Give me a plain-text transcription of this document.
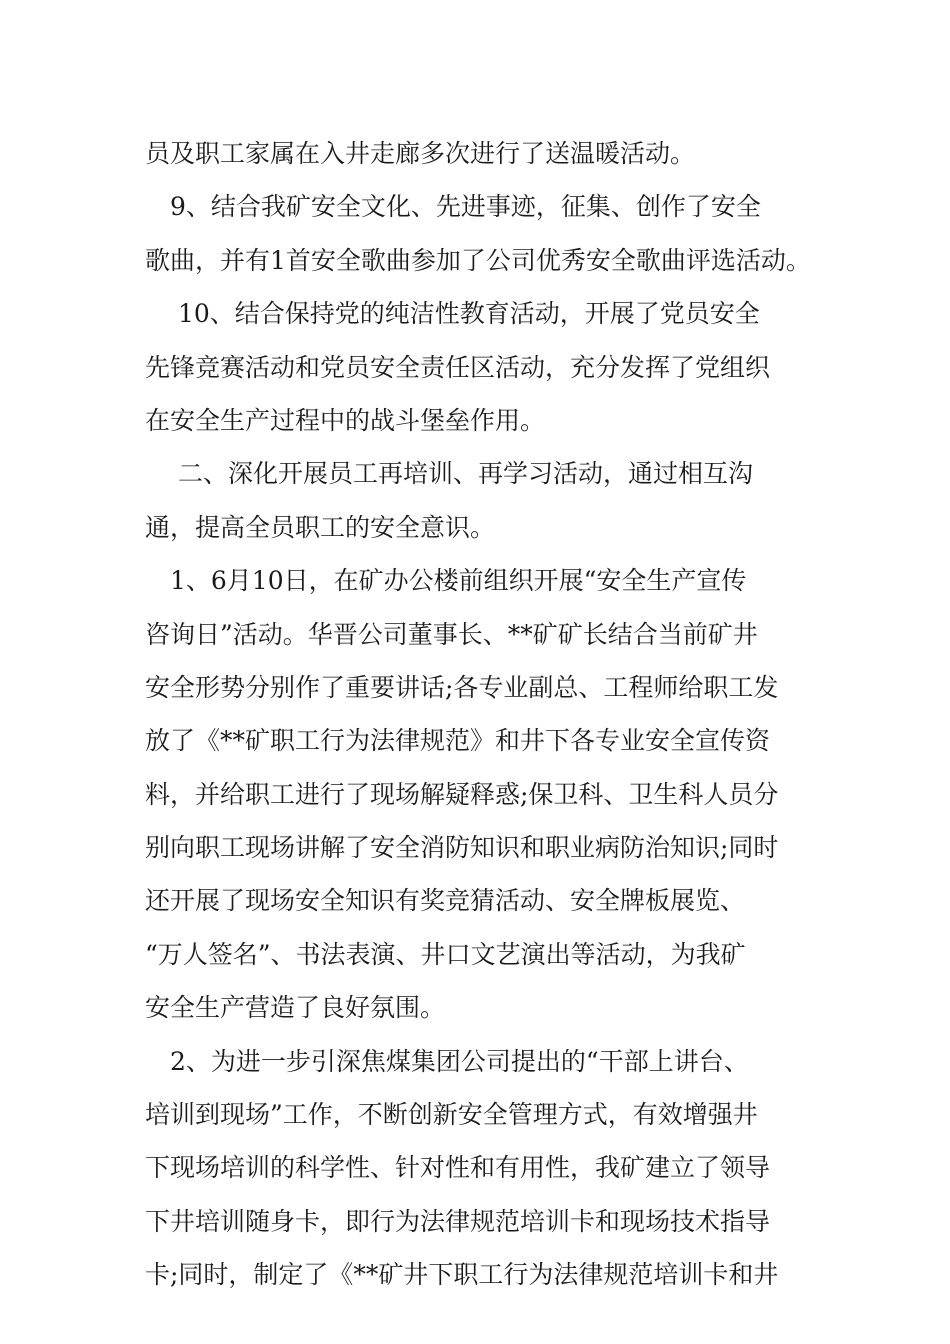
员及职工家属在入井走廊多次进行了送温暖活动。
　9、结合我矿安全文化、先进事迹，征集、创作了安全
歌曲，并有1首安全歌曲参加了公司优秀安全歌曲评选活动。
　 10、结合保持党的纯洁性教育活动，开展了党员安全
先锋竞赛活动和党员安全责任区活动，充分发挥了党组织
在安全生产过程中的战斗堡垒作用。
　 二、深化开展员工再培训、再学习活动，通过相互沟
通，提高全员职工的安全意识。
　1、6月10日，在矿办公楼前组织开展“安全生产宣传
咨询日”活动。华晋公司董事长、**矿矿长结合当前矿井
安全形势分别作了重要讲话;各专业副总、工程师给职工发
放了《**矿职工行为法律规范》和井下各专业安全宣传资
料，并给职工进行了现场解疑释惑;保卫科、卫生科人员分
别向职工现场讲解了安全消防知识和职业病防治知识;同时
还开展了现场安全知识有奖竞猜活动、安全牌板展览、
“万人签名”、书法表演、井口文艺演出等活动，为我矿
安全生产营造了良好氛围。
　2、为进一步引深焦煤集团公司提出的“干部上讲台、
培训到现场”工作，不断创新安全管理方式，有效增强井
下现场培训的科学性、针对性和有用性，我矿建立了领导
下井培训随身卡，即行为法律规范培训卡和现场技术指导
卡;同时，制定了《**矿井下职工行为法律规范培训卡和井
